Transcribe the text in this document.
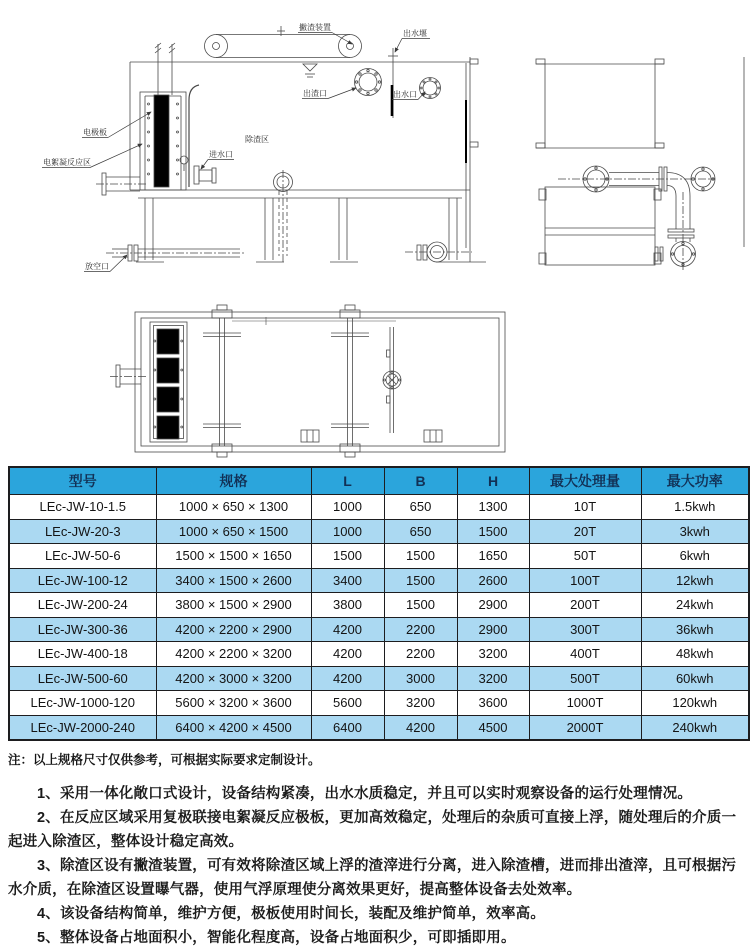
撇渣装置
出水堰
出渣口	出水口
电极板
电絮凝反应区
进水口
除渣区
放空口
型号	规格	L	B	H	最大处理量	最大功率
LEc-JW-10-1.5	1000 × 650 × 1300	1000	650	1300	10T	1.5kwh
LEc-JW-20-3	1000 × 650 × 1500	1000	650	1500	20T	3kwh
LEc-JW-50-6	1500 × 1500 × 1650	1500	1500	1650	50T	6kwh
LEc-JW-100-12	3400 × 1500 × 2600	3400	1500	2600	100T	12kwh
LEc-JW-200-24	3800 × 1500 × 2900	3800	1500	2900	200T	24kwh
LEc-JW-300-36	4200 × 2200 × 2900	4200	2200	2900	300T	36kwh
LEc-JW-400-18	4200 × 2200 × 3200	4200	2200	3200	400T	48kwh
LEc-JW-500-60	4200 × 3000 × 3200	4200	3000	3200	500T	60kwh
LEc-JW-1000-120	5600 × 3200 × 3600	5600	3200	3600	1000T	120kwh
LEc-JW-2000-240	6400 × 4200 × 4500	6400	4200	4500	2000T	240kwh
注：以上规格尺寸仅供参考，可根据实际要求定制设计。

1、采用一体化敞口式设计，设备结构紧凑，出水水质稳定，并且可以实时观察设备的运行处理情况。

2、在反应区域采用复极联接电絮凝反应极板，更加高效稳定，处理后的杂质可直接上浮，随处理后的介质一起进入除渣区，整体设计稳定高效。

3、除渣区设有撇渣装置，可有效将除渣区域上浮的渣滓进行分离，进入除渣槽，进而排出渣滓，且可根据污水介质，在除渣区设置曝气器，使用气浮原理使分离效果更好，提高整体设备去处效率。

4、该设备结构简单，维护方便，极板使用时间长，装配及维护简单，效率高。

5、整体设备占地面积小，智能化程度高，设备占地面积少，可即插即用。
